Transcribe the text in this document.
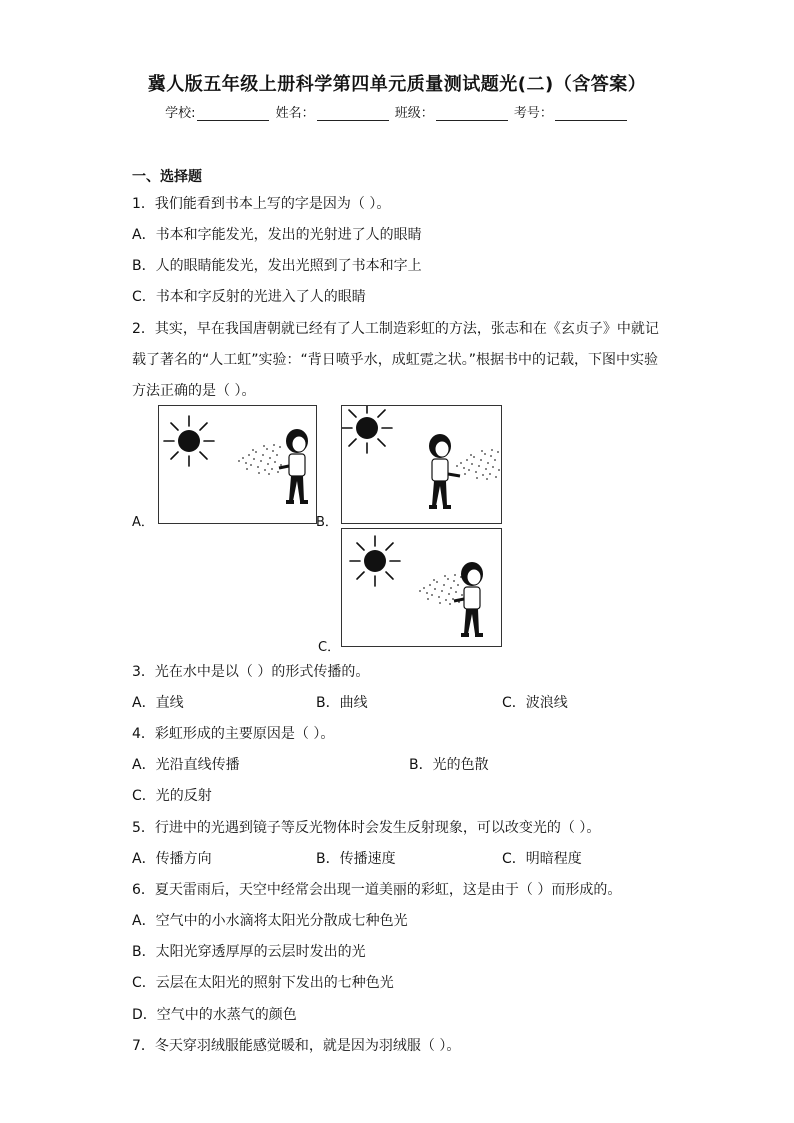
冀人版五年级上册科学第四单元质量测试题光(二)（含答案）
学校:	姓名：	班级：	考号：
一、选择题
1．我们能看到书本上写的字是因为（ ）。
A．书本和字能发光，发出的光射进了人的眼睛
B．人的眼睛能发光，发出光照到了书本和字上
C．书本和字反射的光进入了人的眼睛
2．其实，早在我国唐朝就已经有了人工制造彩虹的方法，张志和在《玄贞子》中就记
载了著名的“人工虹”实验：“背日喷乎水，成虹霓之状。”根据书中的记载，下图中实验
方法正确的是（ ）。
A．	B．
C．
3．光在水中是以（ ）的形式传播的。
A．直线	B．曲线	C．波浪线
4．彩虹形成的主要原因是（ ）。
A．光沿直线传播	B．光的色散
C．光的反射
5．行进中的光遇到镜子等反光物体时会发生反射现象，可以改变光的（ ）。
A．传播方向	B．传播速度	C．明暗程度
6．夏天雷雨后，天空中经常会出现一道美丽的彩虹，这是由于（ ）而形成的。
A．空气中的小水滴将太阳光分散成七种色光
B．太阳光穿透厚厚的云层时发出的光
C．云层在太阳光的照射下发出的七种色光
D．空气中的水蒸气的颜色
7．冬天穿羽绒服能感觉暖和，就是因为羽绒服（ ）。
